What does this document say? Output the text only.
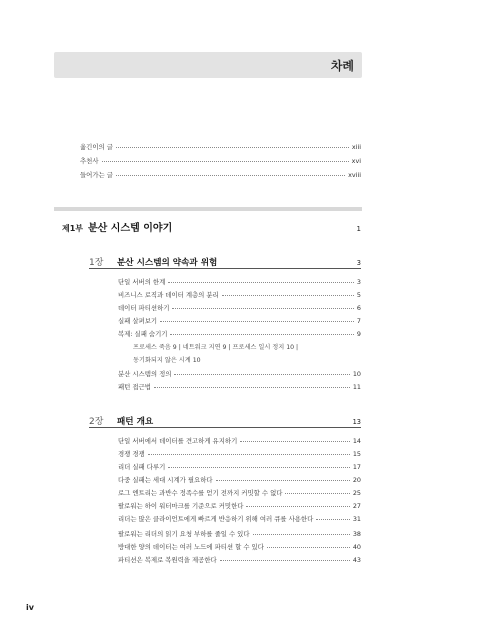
차례
옮긴이의 글	xiii
추천사	xvi
들어가는 글	xviii
제1부 분산 시스템 이야기	1
1장	분산 시스템의 약속과 위험	3
단일 서버의 한계	3
비즈니스 로직과 데이터 계층의 분리	5
데이터 파티션하기	6
실패 살펴보기	7
복제: 실패 숨기기	9
프로세스 죽음 9 | 네트워크 지연 9 | 프로세스 일시 정지 10 |
동기화되지 않은 시계 10
분산 시스템의 정의	10
패턴 접근법	11
2장	패턴 개요	13
단일 서버에서 데이터를 견고하게 유지하기	14
경쟁 경쟁	15
리더 실패 다루기	17
다중 실패는 세대 시계가 필요하다	20
로그 엔트리는 과반수 정족수를 얻기 전까지 커밋할 수 없다	25
팔로워는 하이 워터마크를 기준으로 커밋한다	27
리더는 많은 클라이언트에게 빠르게 반응하기 위해 여러 큐를 사용한다	31
팔로워는 리더의 읽기 요청 부하를 줄일 수 있다	38
방대한 양의 데이터는 여러 노드에 파티션 할 수 있다	40
파티션은 복제로 복원력을 제공한다	43
iv
